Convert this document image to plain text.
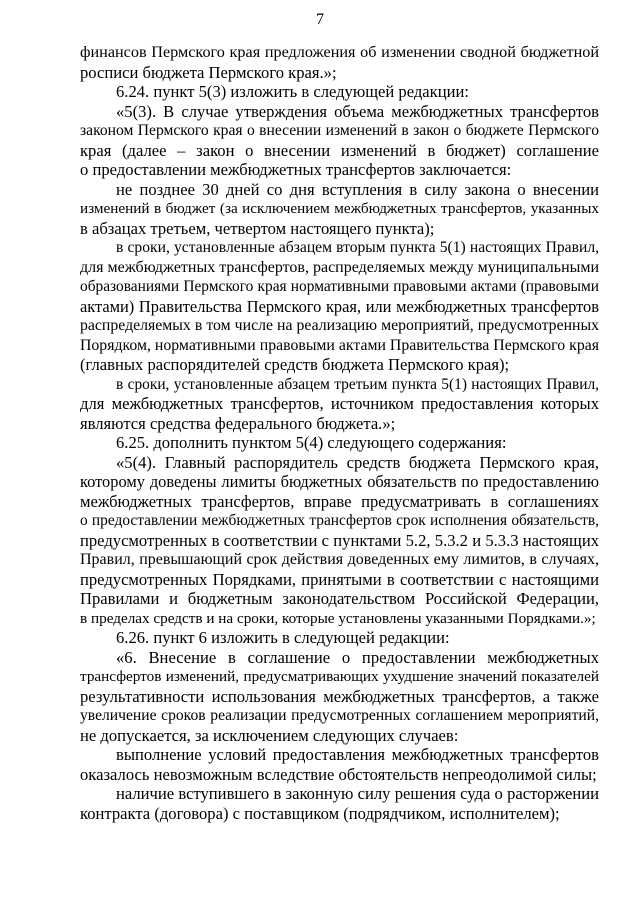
7
финансов Пермского края предложения об изменении сводной бюджетной
росписи бюджета Пермского края.»;
6.24. пункт 5(3) изложить в следующей редакции:
«5(3). В случае утверждения объема межбюджетных трансфертов
законом Пермского края о внесении изменений в закон о бюджете Пермского
края (далее – закон о внесении изменений в бюджет) соглашение
о предоставлении межбюджетных трансфертов заключается:
не позднее 30 дней со дня вступления в силу закона о внесении
изменений в бюджет (за исключением межбюджетных трансфертов, указанных
в абзацах третьем, четвертом настоящего пункта);
в сроки, установленные абзацем вторым пункта 5(1) настоящих Правил,
для межбюджетных трансфертов, распределяемых между муниципальными
образованиями Пермского края нормативными правовыми актами (правовыми
актами) Правительства Пермского края, или межбюджетных трансфертов
распределяемых в том числе на реализацию мероприятий, предусмотренных
Порядком, нормативными правовыми актами Правительства Пермского края
(главных распорядителей средств бюджета Пермского края);
в сроки, установленные абзацем третьим пункта 5(1) настоящих Правил,
для межбюджетных трансфертов, источником предоставления которых
являются средства федерального бюджета.»;
6.25. дополнить пунктом 5(4) следующего содержания:
«5(4). Главный распорядитель средств бюджета Пермского края,
которому доведены лимиты бюджетных обязательств по предоставлению
межбюджетных трансфертов, вправе предусматривать в соглашениях
о предоставлении межбюджетных трансфертов срок исполнения обязательств,
предусмотренных в соответствии с пунктами 5.2, 5.3.2 и 5.3.3 настоящих
Правил, превышающий срок действия доведенных ему лимитов, в случаях,
предусмотренных Порядками, принятыми в соответствии с настоящими
Правилами и бюджетным законодательством Российской Федерации,
в пределах средств и на сроки, которые установлены указанными Порядками.»;
6.26. пункт 6 изложить в следующей редакции:
«6. Внесение в соглашение о предоставлении межбюджетных
трансфертов изменений, предусматривающих ухудшение значений показателей
результативности использования межбюджетных трансфертов, а также
увеличение сроков реализации предусмотренных соглашением мероприятий,
не допускается, за исключением следующих случаев:
выполнение условий предоставления межбюджетных трансфертов
оказалось невозможным вследствие обстоятельств непреодолимой силы;
наличие вступившего в законную силу решения суда о расторжении
контракта (договора) с поставщиком (подрядчиком, исполнителем);
